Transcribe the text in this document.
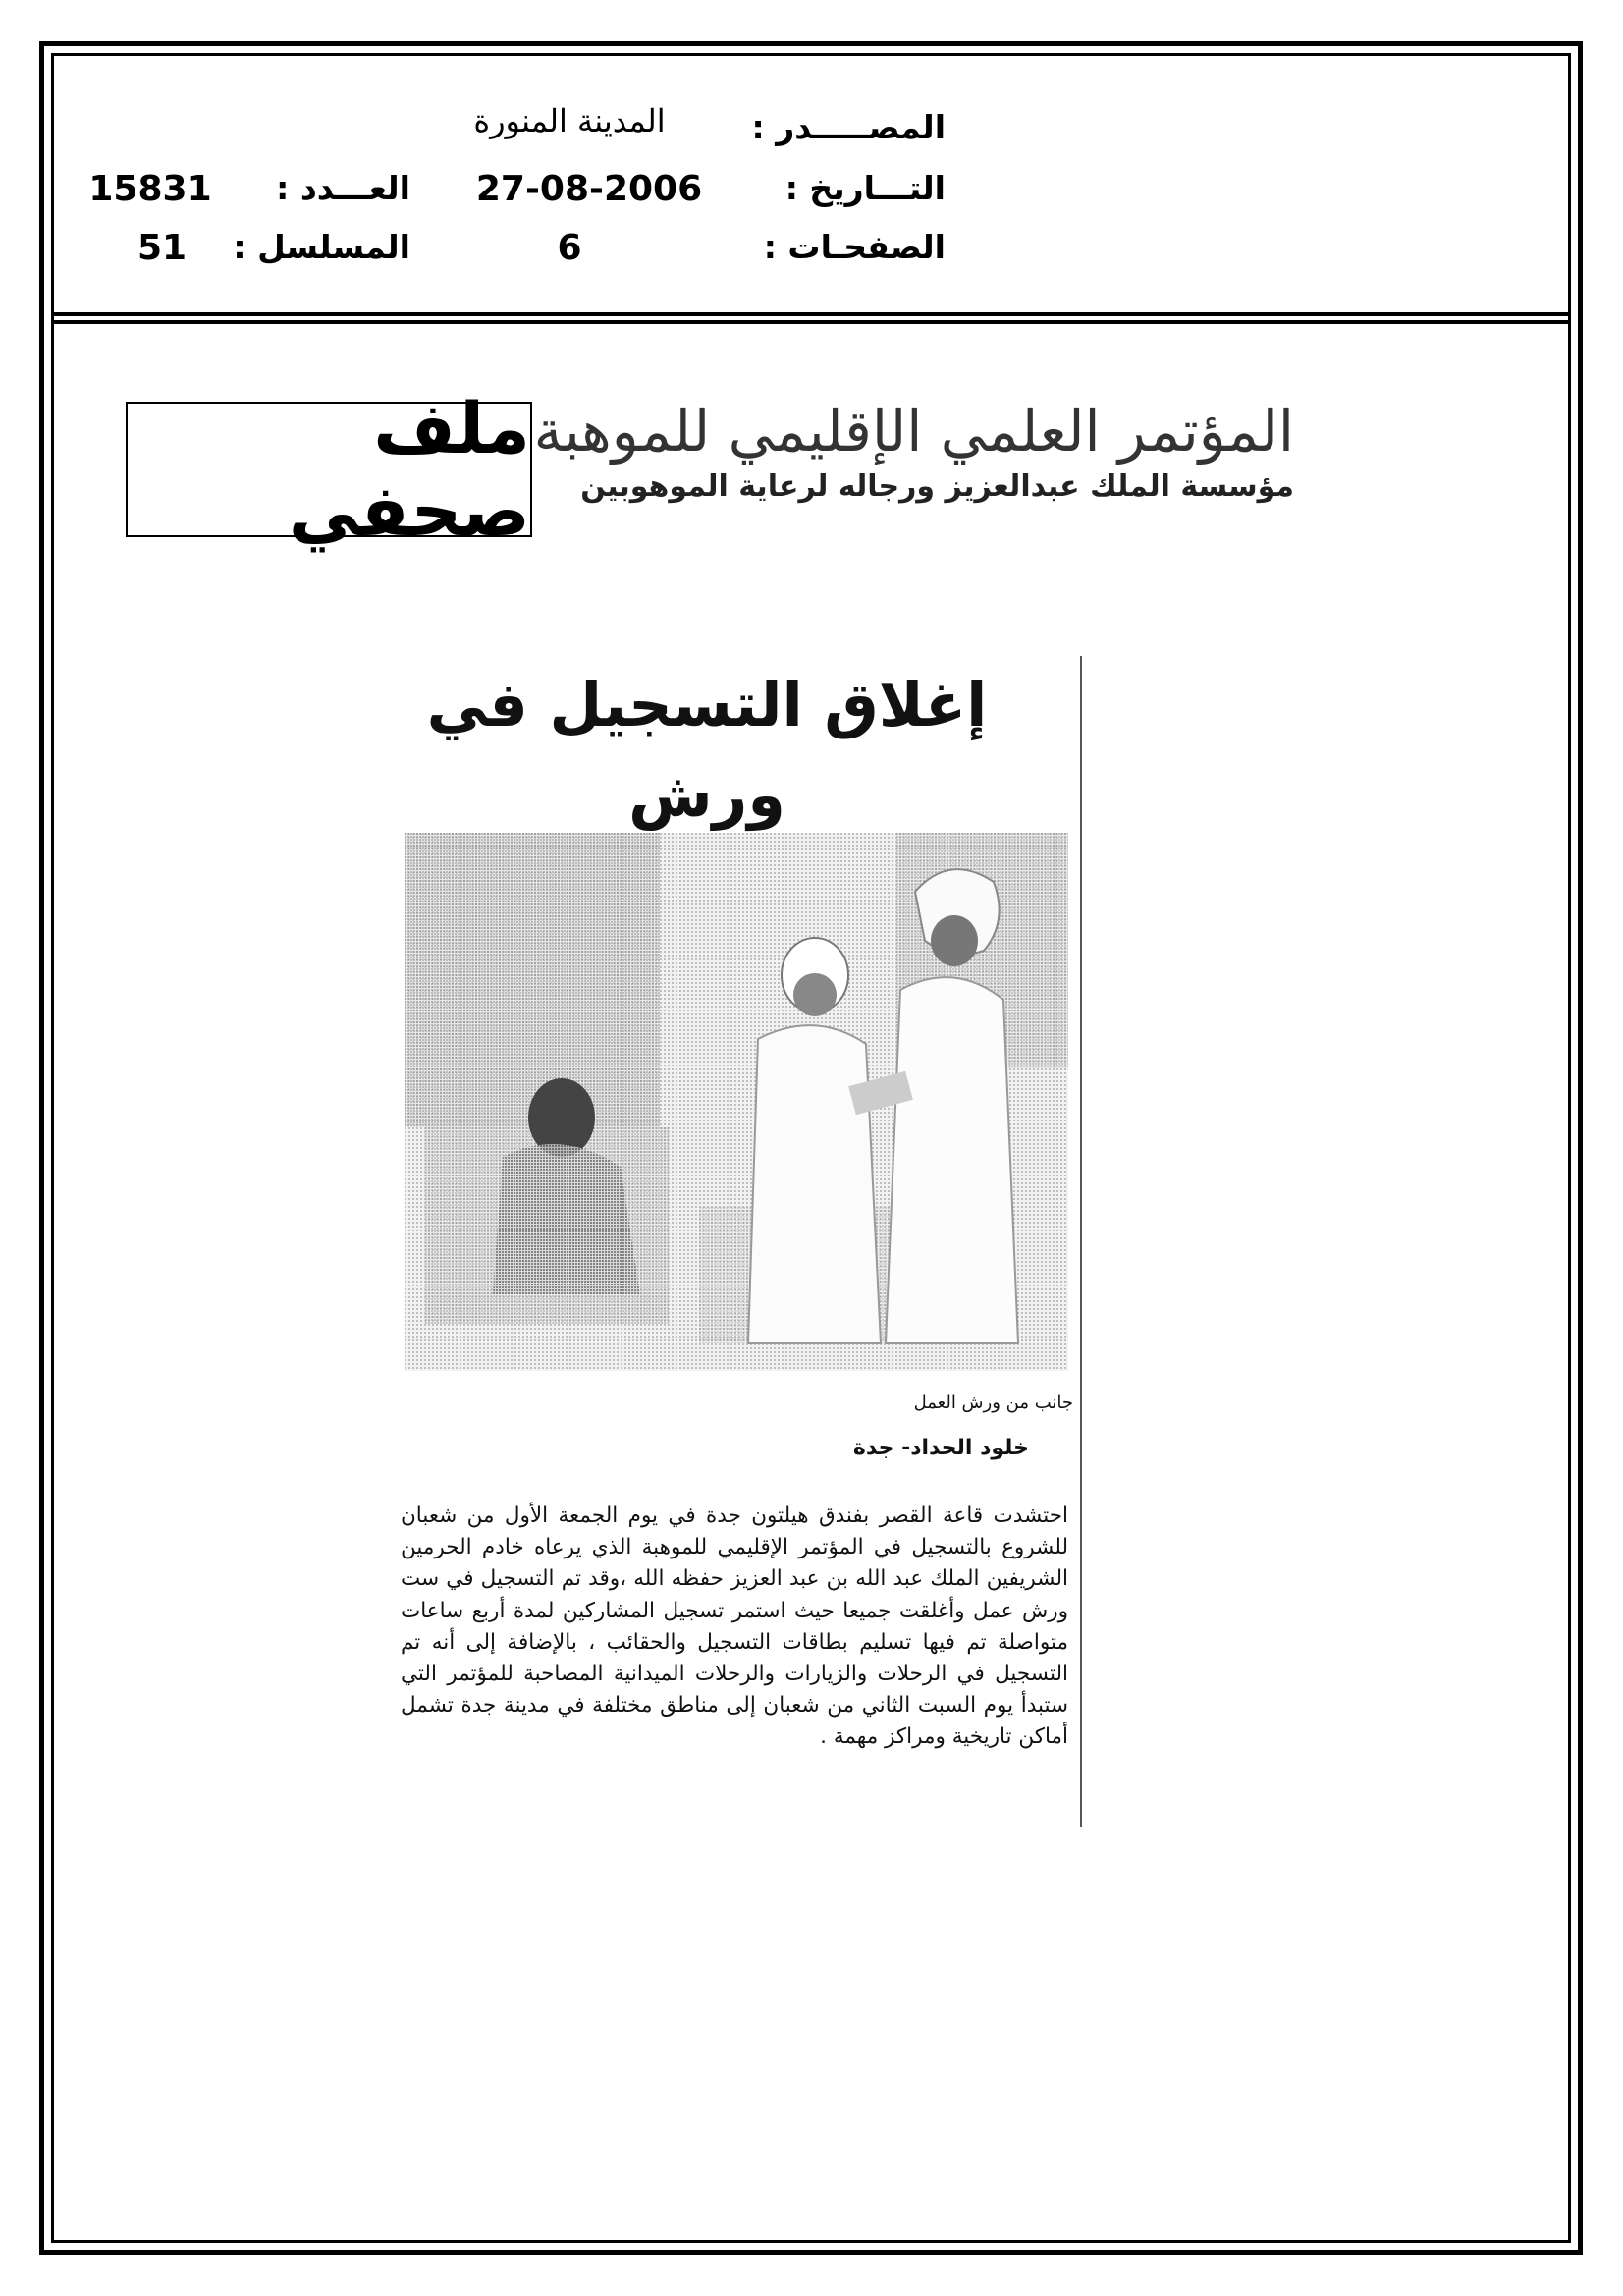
المصـــــدر :
المدينة المنورة
التـــاريخ :
27-08-2006
العـــدد :
15831
الصفحـات :
6
المسلسل :
51
المؤتمر العلمي الإقليمي للموهبة
مؤسسة الملك عبدالعزيز ورجاله لرعاية الموهوبين
ملف صحفي
إغلاق التسجيل في ورش
جانب من ورش العمل
خلود الحداد- جدة
احتشدت قاعة القصر بفندق هيلتون جدة في يوم الجمعة الأول من شعبان للشروع بالتسجيل في المؤتمر الإقليمي للموهبة الذي يرعاه خادم الحرمين الشريفين الملك عبد الله بن عبد العزيز حفظه الله ،وقد تم التسجيل في ست ورش عمل وأغلقت جميعا حيث استمر تسجيل المشاركين لمدة أربع ساعات متواصلة تم فيها تسليم بطاقات التسجيل والحقائب ، بالإضافة إلى أنه تم التسجيل في الرحلات والزيارات والرحلات الميدانية المصاحبة للمؤتمر التي ستبدأ يوم السبت الثاني من شعبان إلى مناطق مختلفة في مدينة جدة تشمل أماكن تاريخية ومراكز مهمة .
